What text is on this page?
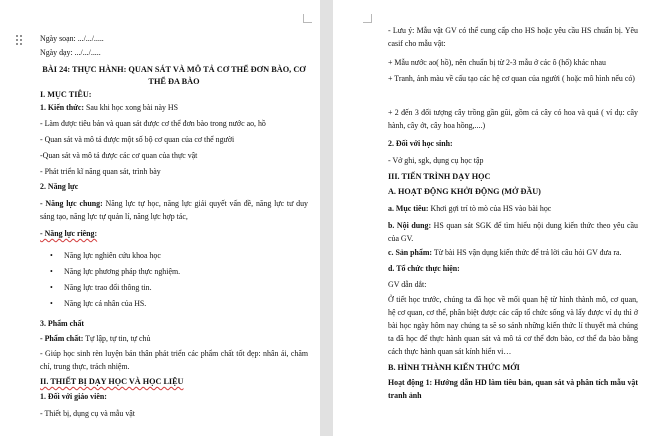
Ngày soạn: .../.../.....
Ngày dạy: .../.../.....
BÀI 24: THỰC HÀNH: QUAN SÁT VÀ MÔ TẢ CƠ THỂ ĐƠN BÀO, CƠ THỂ ĐA BÀO
I. MỤC TIÊU:
1. Kiến thức: Sau khi học xong bài này HS
- Làm được tiêu bản và quan sát được cơ thể đơn bào trong nước ao, hồ
- Quan sát và mô tả được một số bộ cơ quan của cơ thể người
-Quan sát và mô tả được các cơ quan của thực vật
- Phát triển kĩ năng quan sát, trình bày
2. Năng lực
- Năng lực chung: Năng lực tự học, năng lực giải quyết vấn đề, năng lực tư duy sáng tạo, năng lực tự quản lí, năng lực hợp tác,
- Năng lực riêng:
• Năng lực nghiên cứu khoa học
• Năng lực phương pháp thực nghiệm.
• Năng lực trao đổi thông tin.
• Năng lực cá nhân của HS.
3. Phẩm chất
- Phẩm chất: Tự lập, tự tin, tự chủ
- Giúp học sinh rèn luyện bản thân phát triển các phẩm chất tốt đẹp: nhân ái, chăm chỉ, trung thực, trách nhiệm.
II. THIẾT BỊ DẠY HỌC VÀ HỌC LIỆU
1. Đối với giáo viên:
- Thiết bị, dụng cụ và mẫu vật
- Lưu ý: Mẫu vật GV có thể cung cấp cho HS hoặc yêu cầu HS chuẩn bị. Yêu casif cho mẫu vật:
+ Mẫu nước ao( hồ), nên chuẩn bị từ 2-3 mẫu ở các ô (hố) khác nhau
+ Tranh, ảnh màu về cấu tạo các hệ cơ quan của người ( hoặc mô hình nếu có)
+ 2 đến 3 đối tượng cây trồng gần gũi, gồm cả cây có hoa và quả ( ví dụ: cây hành, cây ớt, cây hoa hồng,....)
2. Đối với học sinh:
- Vở ghi, sgk, dụng cụ học tập
III. TIẾN TRÌNH DẠY HỌC
A. HOẠT ĐỘNG KHỞI ĐỘNG (MỞ ĐẦU)
a. Mục tiêu: Khơi gợi trí tò mò của HS vào bài học
b. Nội dung: HS quan sát SGK để tìm hiểu nội dung kiến thức theo yêu cầu của GV.
c. Sản phẩm: Từ bài HS vận dụng kiến thức để trả lời câu hỏi GV đưa ra.
d. Tổ chức thực hiện:
GV dẫn dắt:
Ở tiết học trước, chúng ta đã học về mối quan hệ từ hình thành mô, cơ quan, hệ cơ quan, cơ thể, phân biệt được các cấp tổ chức sống và lấy được ví dụ thì ở bài học ngày hôm nay chúng ta sẽ so sánh những kiến thức lí thuyết mà chúng ta đã học để thực hành quan sát và mô tả cơ thể đơn bào, cơ thể đa bào bằng cách thực hành quan sát kính hiển vi…
B. HÌNH THÀNH KIẾN THỨC MỚI
Hoạt động 1: Hướng dẫn HD làm tiêu bản, quan sát và phân tích mẫu vật tranh ảnh
